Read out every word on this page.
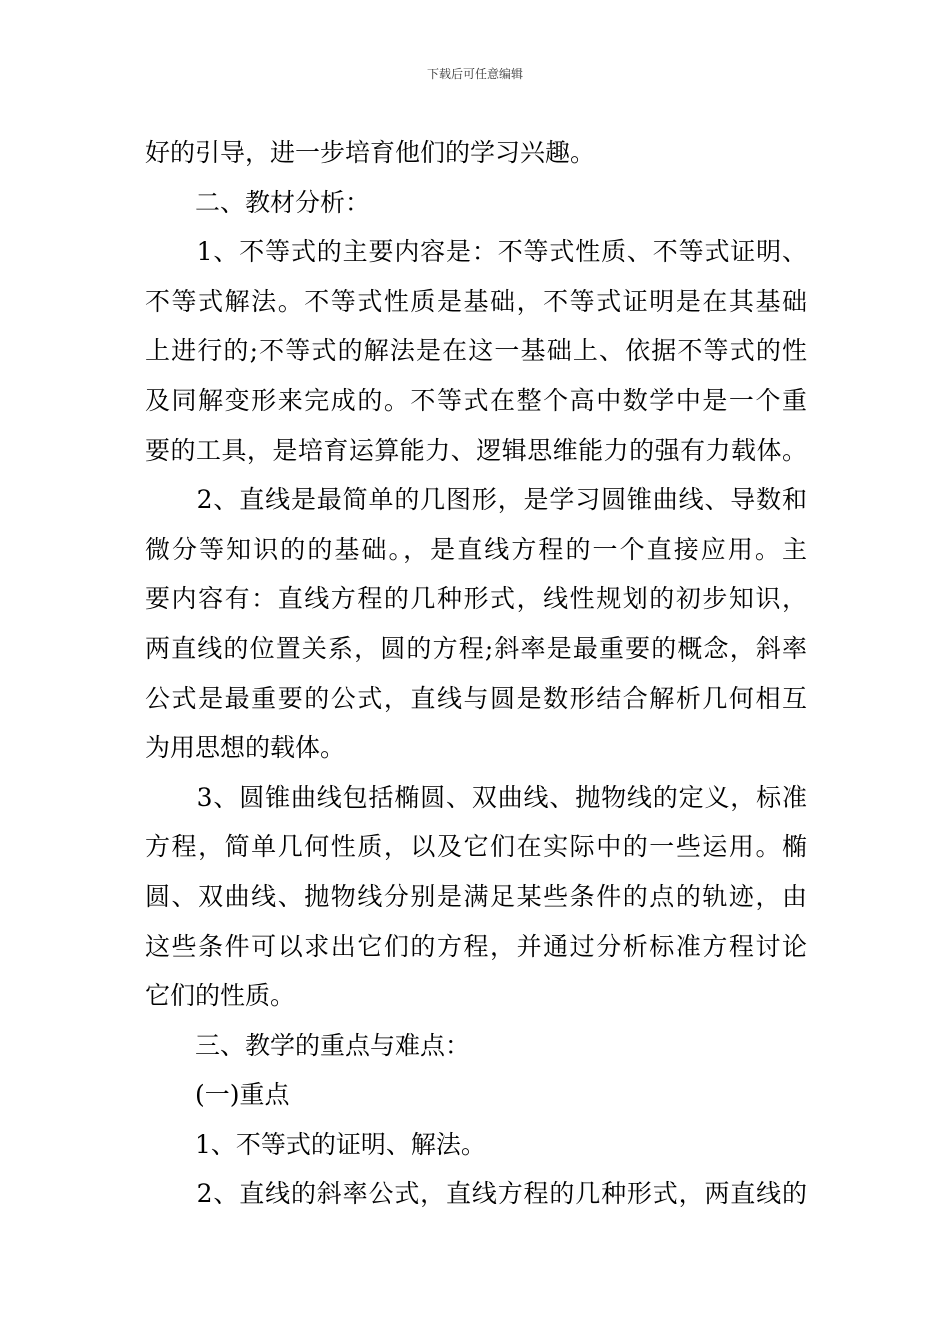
下载后可任意编辑
好的引导，进一步培育他们的学习兴趣。
　　二、教材分析：
　　1、不等式的主要内容是：不等式性质、不等式证明、
不等式解法。不等式性质是基础，不等式证明是在其基础
上进行的;不等式的解法是在这一基础上、依据不等式的性
及同解变形来完成的。不等式在整个高中数学中是一个重
要的工具，是培育运算能力、逻辑思维能力的强有力载体。
　　2、直线是最简单的几图形，是学习圆锥曲线、导数和
微分等知识的的基础。，是直线方程的一个直接应用。主
要内容有：直线方程的几种形式，线性规划的初步知识，
两直线的位置关系，圆的方程;斜率是最重要的概念，斜率
公式是最重要的公式，直线与圆是数形结合解析几何相互
为用思想的载体。
　　3、圆锥曲线包括椭圆、双曲线、抛物线的定义，标准
方程，简单几何性质，以及它们在实际中的一些运用。椭
圆、双曲线、抛物线分别是满足某些条件的点的轨迹，由
这些条件可以求出它们的方程，并通过分析标准方程讨论
它们的性质。
　　三、教学的重点与难点：
　　(一)重点
　　1、不等式的证明、解法。
　　2、直线的斜率公式，直线方程的几种形式，两直线的
